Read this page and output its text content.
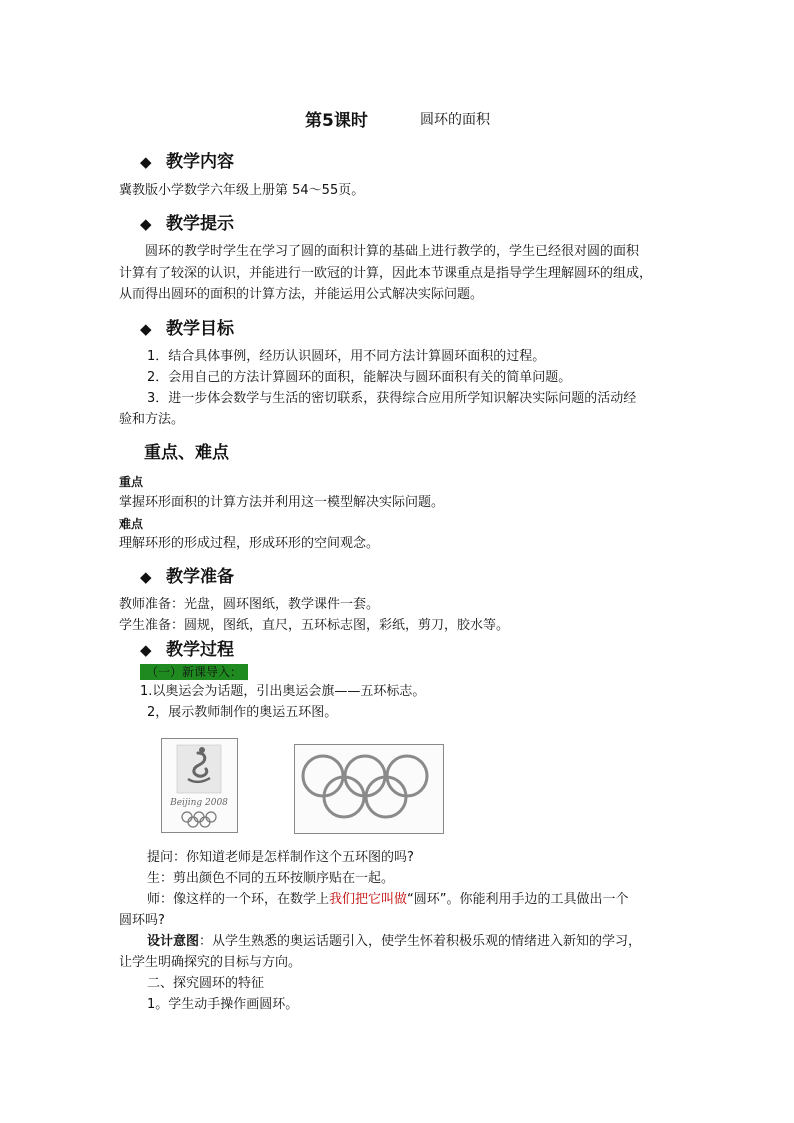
第5课时	圆环的面积
◆ 教学内容
冀教版小学数学六年级上册第 54～55页。
◆ 教学提示
圆环的教学时学生在学习了圆的面积计算的基础上进行教学的，学生已经很对圆的面积
计算有了较深的认识，并能进行一欧冠的计算，因此本节课重点是指导学生理解圆环的组成，
从而得出圆环的面积的计算方法，并能运用公式解决实际问题。
◆ 教学目标
1．结合具体事例，经历认识圆环，用不同方法计算圆环面积的过程。
2．会用自己的方法计算圆环的面积，能解决与圆环面积有关的简单问题。
3．进一步体会数学与生活的密切联系，获得综合应用所学知识解决实际问题的活动经
验和方法。
重点、难点
重点
掌握环形面积的计算方法并利用这一模型解决实际问题。
难点
理解环形的形成过程，形成环形的空间观念。
◆ 教学准备
教师准备：光盘，圆环图纸，教学课件一套。
学生准备：圆规，图纸，直尺，五环标志图，彩纸，剪刀，胶水等。
◆ 教学过程
（一）新课导入：
1.以奥运会为话题，引出奥运会旗——五环标志。
2，展示教师制作的奥运五环图。
Beijing 2008
提问：你知道老师是怎样制作这个五环图的吗?
生：剪出颜色不同的五环按顺序贴在一起。
师：像这样的一个环，在数学上我们把它叫做“圆环”。你能利用手边的工具做出一个
圆环吗?
设计意图：从学生熟悉的奥运话题引入，使学生怀着积极乐观的情绪进入新知的学习，
让学生明确探究的目标与方向。
二、探究圆环的特征
1。学生动手操作画圆环。
